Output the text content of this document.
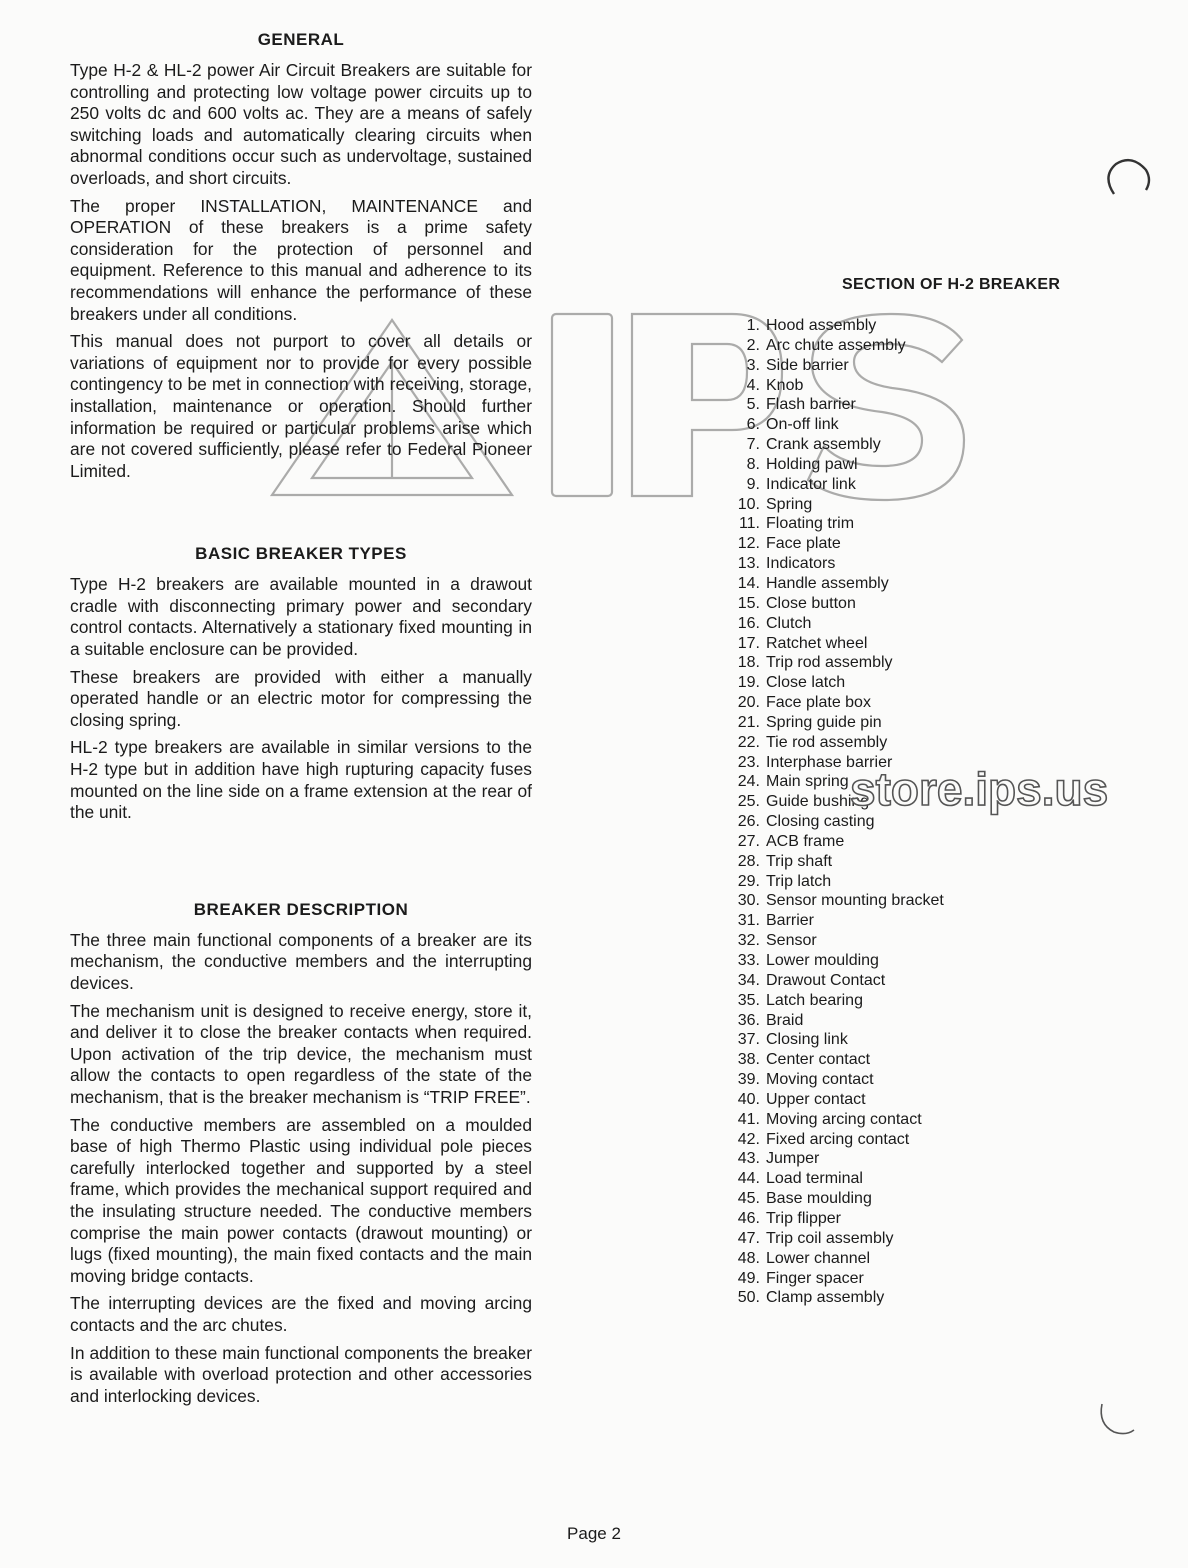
GENERAL

Type H-2 & HL-2 power Air Circuit Breakers are suitable for controlling and protecting low voltage power circuits up to 250 volts dc and 600 volts ac. They are a means of safely switching loads and automatically clearing circuits when abnormal conditions occur such as undervoltage, sustained overloads, and short circuits.

The proper INSTALLATION, MAINTENANCE and OPERATION of these breakers is a prime safety consideration for the protection of personnel and equipment. Reference to this manual and adherence to its recommendations will enhance the performance of these breakers under all conditions.

This manual does not purport to cover all details or variations of equipment nor to provide for every possible contingency to be met in connection with receiving, storage, installation, maintenance or operation. Should further information be required or particular problems arise which are not covered sufficiently, please refer to Federal Pioneer Limited.

BASIC BREAKER TYPES

Type H-2 breakers are available mounted in a drawout cradle with disconnecting primary power and secondary control contacts. Alternatively a stationary fixed mounting in a suitable enclosure can be provided.

These breakers are provided with either a manually operated handle or an electric motor for compressing the closing spring.

HL-2 type breakers are available in similar versions to the H-2 type but in addition have high rupturing capacity fuses mounted on the line side on a frame extension at the rear of the unit.

BREAKER DESCRIPTION

The three main functional components of a breaker are its mechanism, the conductive members and the interrupting devices.

The mechanism unit is designed to receive energy, store it, and deliver it to close the breaker contacts when required. Upon activation of the trip device, the mechanism must allow the contacts to open regardless of the state of the mechanism, that is the breaker mechanism is “TRIP FREE”.

The conductive members are assembled on a moulded base of high Thermo Plastic using individual pole pieces carefully interlocked together and supported by a steel frame, which provides the mechanical support required and the insulating structure needed. The conductive members comprise the main power contacts (drawout mounting) or lugs (fixed mounting), the main fixed contacts and the main moving bridge contacts.

The interrupting devices are the fixed and moving arcing contacts and the arc chutes.

In addition to these main functional components the breaker is available with overload protection and other accessories and interlocking devices.

SECTION OF H-2 BREAKER
1. Hood assembly
2. Arc chute assembly
3. Side barrier
4. Knob
5. Flash barrier
6. On-off link
7. Crank assembly
8. Holding pawl
9. Indicator link
10. Spring
11. Floating trim
12. Face plate
13. Indicators
14. Handle assembly
15. Close button
16. Clutch
17. Ratchet wheel
18. Trip rod assembly
19. Close latch
20. Face plate box
21. Spring guide pin
22. Tie rod assembly
23. Interphase barrier
24. Main spring
25. Guide bushing
26. Closing casting
27. ACB frame
28. Trip shaft
29. Trip latch
30. Sensor mounting bracket
31. Barrier
32. Sensor
33. Lower moulding
34. Drawout Contact
35. Latch bearing
36. Braid
37. Closing link
38. Center contact
39. Moving contact
40. Upper contact
41. Moving arcing contact
42. Fixed arcing contact
43. Jumper
44. Load terminal
45. Base moulding
46. Trip flipper
47. Trip coil assembly
48. Lower channel
49. Finger spacer
50. Clamp assembly
store.ips.us
Page 2
